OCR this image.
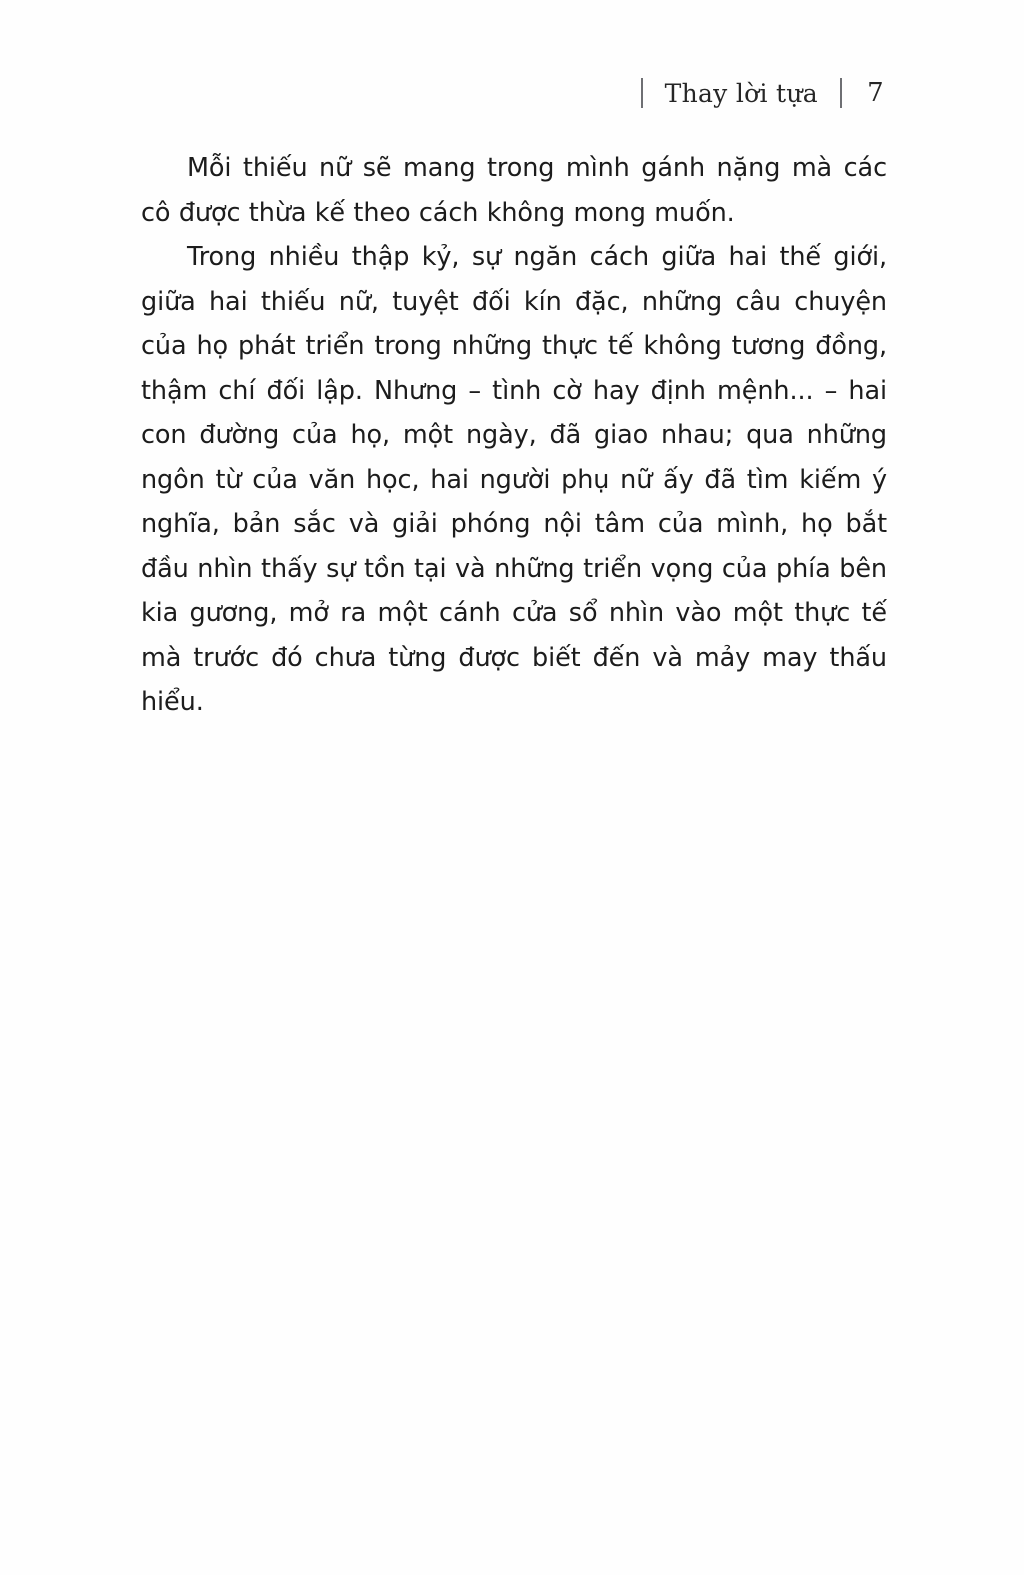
Thay lời tựa 7

Mỗi thiếu nữ sẽ mang trong mình gánh nặng mà các cô được thừa kế theo cách không mong muốn.

Trong nhiều thập kỷ, sự ngăn cách giữa hai thế giới, giữa hai thiếu nữ, tuyệt đối kín đặc, những câu chuyện của họ phát triển trong những thực tế không tương đồng, thậm chí đối lập. Nhưng – tình cờ hay định mệnh... – hai con đường của họ, một ngày, đã giao nhau; qua những ngôn từ của văn học, hai người phụ nữ ấy đã tìm kiếm ý nghĩa, bản sắc và giải phóng nội tâm của mình, họ bắt đầu nhìn thấy sự tồn tại và những triển vọng của phía bên kia gương, mở ra một cánh cửa sổ nhìn vào một thực tế mà trước đó chưa từng được biết đến và mảy may thấu hiểu.
